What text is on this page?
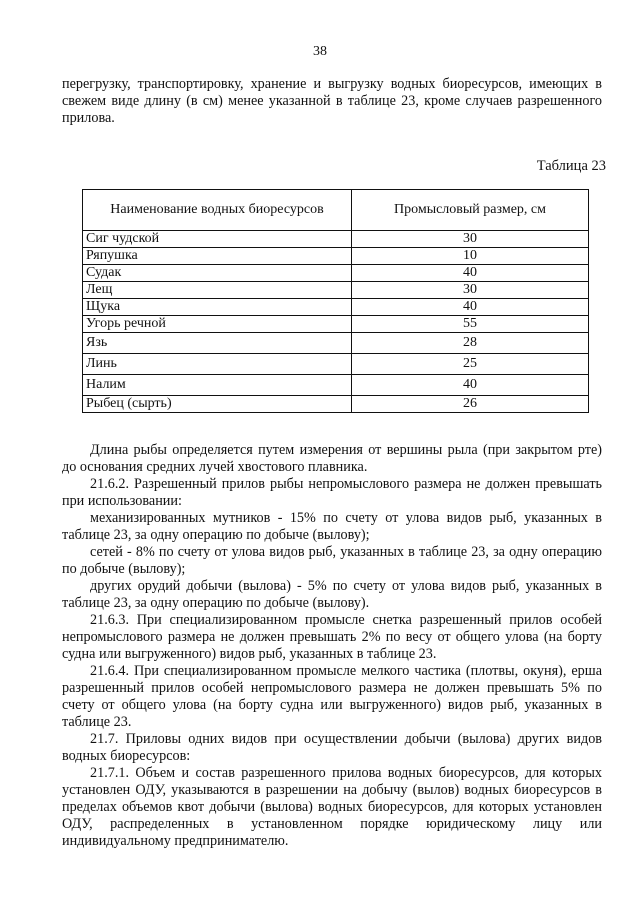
38

перегрузку, транспортировку, хранение и выгрузку водных биоресурсов, имеющих в свежем виде длину (в см) менее указанной в таблице 23, кроме случаев разрешенного прилова.

Таблица 23
Наименование водных биоресурсов	Промысловый размер, см
Сиг чудской	30
Ряпушка	10
Судак	40
Лещ	30
Щука	40
Угорь речной	55
Язь	28
Линь	25
Налим	40
Рыбец (сырть)	26

Длина рыбы определяется путем измерения от вершины рыла (при закрытом рте) до основания средних лучей хвостового плавника.

21.6.2. Разрешенный прилов рыбы непромыслового размера не должен превышать при использовании:

механизированных мутников - 15% по счету от улова видов рыб, указанных в таблице 23, за одну операцию по добыче (вылову);

сетей - 8% по счету от улова видов рыб, указанных в таблице 23, за одну операцию по добыче (вылову);

других орудий добычи (вылова) - 5% по счету от улова видов рыб, указанных в таблице 23, за одну операцию по добыче (вылову).

21.6.3. При специализированном промысле снетка разрешенный прилов особей непромыслового размера не должен превышать 2% по весу от общего улова (на борту судна или выгруженного) видов рыб, указанных в таблице 23.

21.6.4. При специализированном промысле мелкого частика (плотвы, окуня), ерша разрешенный прилов особей непромыслового размера не должен превышать 5% по счету от общего улова (на борту судна или выгруженного) видов рыб, указанных в таблице 23.

21.7. Приловы одних видов при осуществлении добычи (вылова) других видов водных биоресурсов:

21.7.1. Объем и состав разрешенного прилова водных биоресурсов, для которых установлен ОДУ, указываются в разрешении на добычу (вылов) водных биоресурсов в пределах объемов квот добычи (вылова) водных биоресурсов, для которых установлен ОДУ, распределенных в установленном порядке юридическому лицу или индивидуальному предпринимателю.
